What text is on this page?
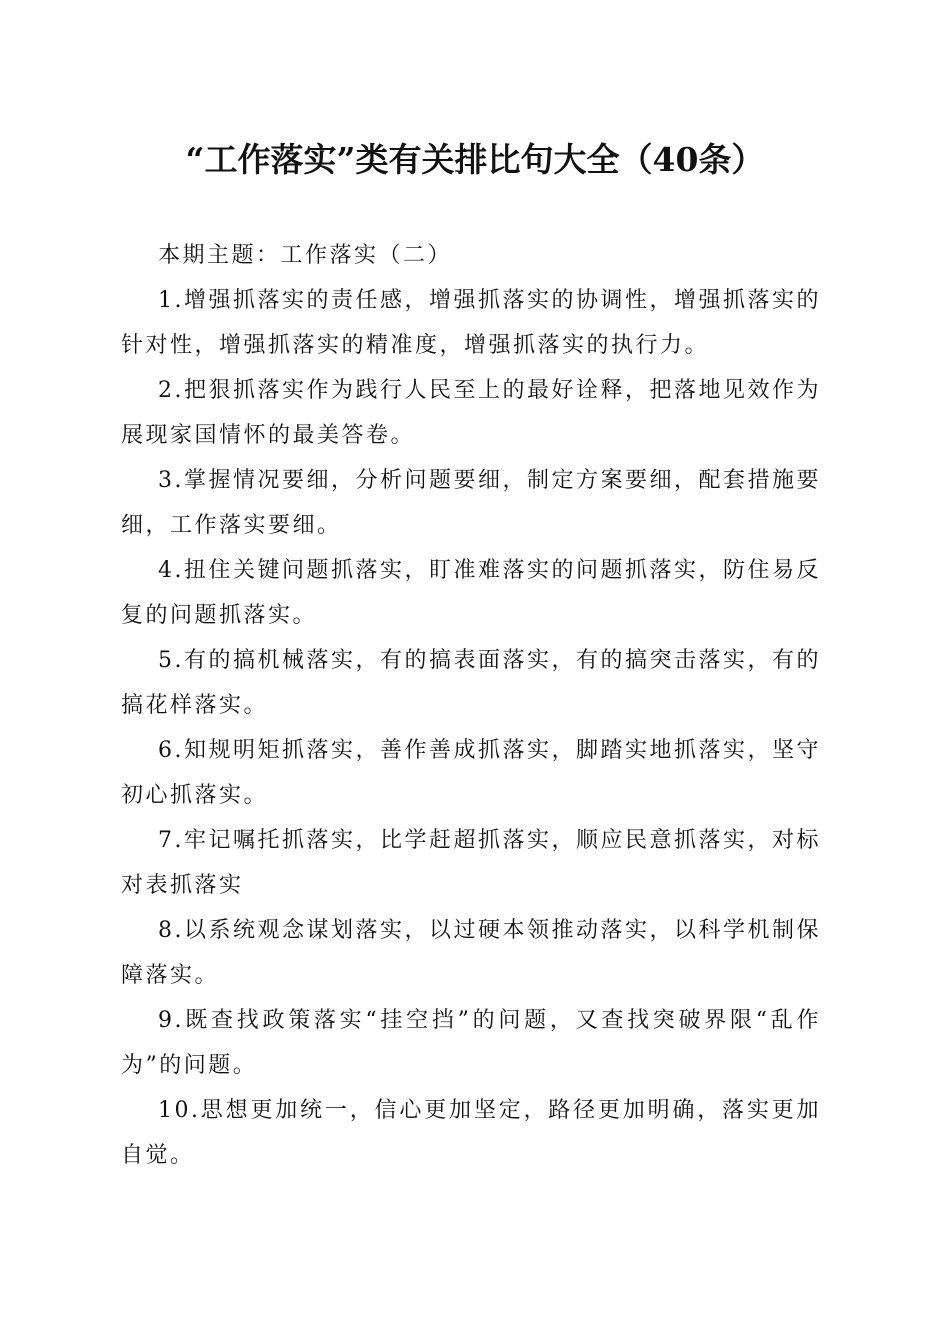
“工作落实”类有关排比句大全（40条）

本期主题：工作落实（二）

1.增强抓落实的责任感，增强抓落实的协调性，增强抓落实的针对性，增强抓落实的精准度，增强抓落实的执行力。

2.把狠抓落实作为践行人民至上的最好诠释，把落地见效作为展现家国情怀的最美答卷。

3.掌握情况要细，分析问题要细，制定方案要细，配套措施要细，工作落实要细。

4.扭住关键问题抓落实，盯准难落实的问题抓落实，防住易反复的问题抓落实。

5.有的搞机械落实，有的搞表面落实，有的搞突击落实，有的搞花样落实。

6.知规明矩抓落实，善作善成抓落实，脚踏实地抓落实，坚守初心抓落实。

7.牢记嘱托抓落实，比学赶超抓落实，顺应民意抓落实，对标对表抓落实

8.以系统观念谋划落实，以过硬本领推动落实，以科学机制保障落实。

9.既查找政策落实“挂空挡”的问题，又查找突破界限“乱作为”的问题。

10.思想更加统一，信心更加坚定，路径更加明确，落实更加自觉。
